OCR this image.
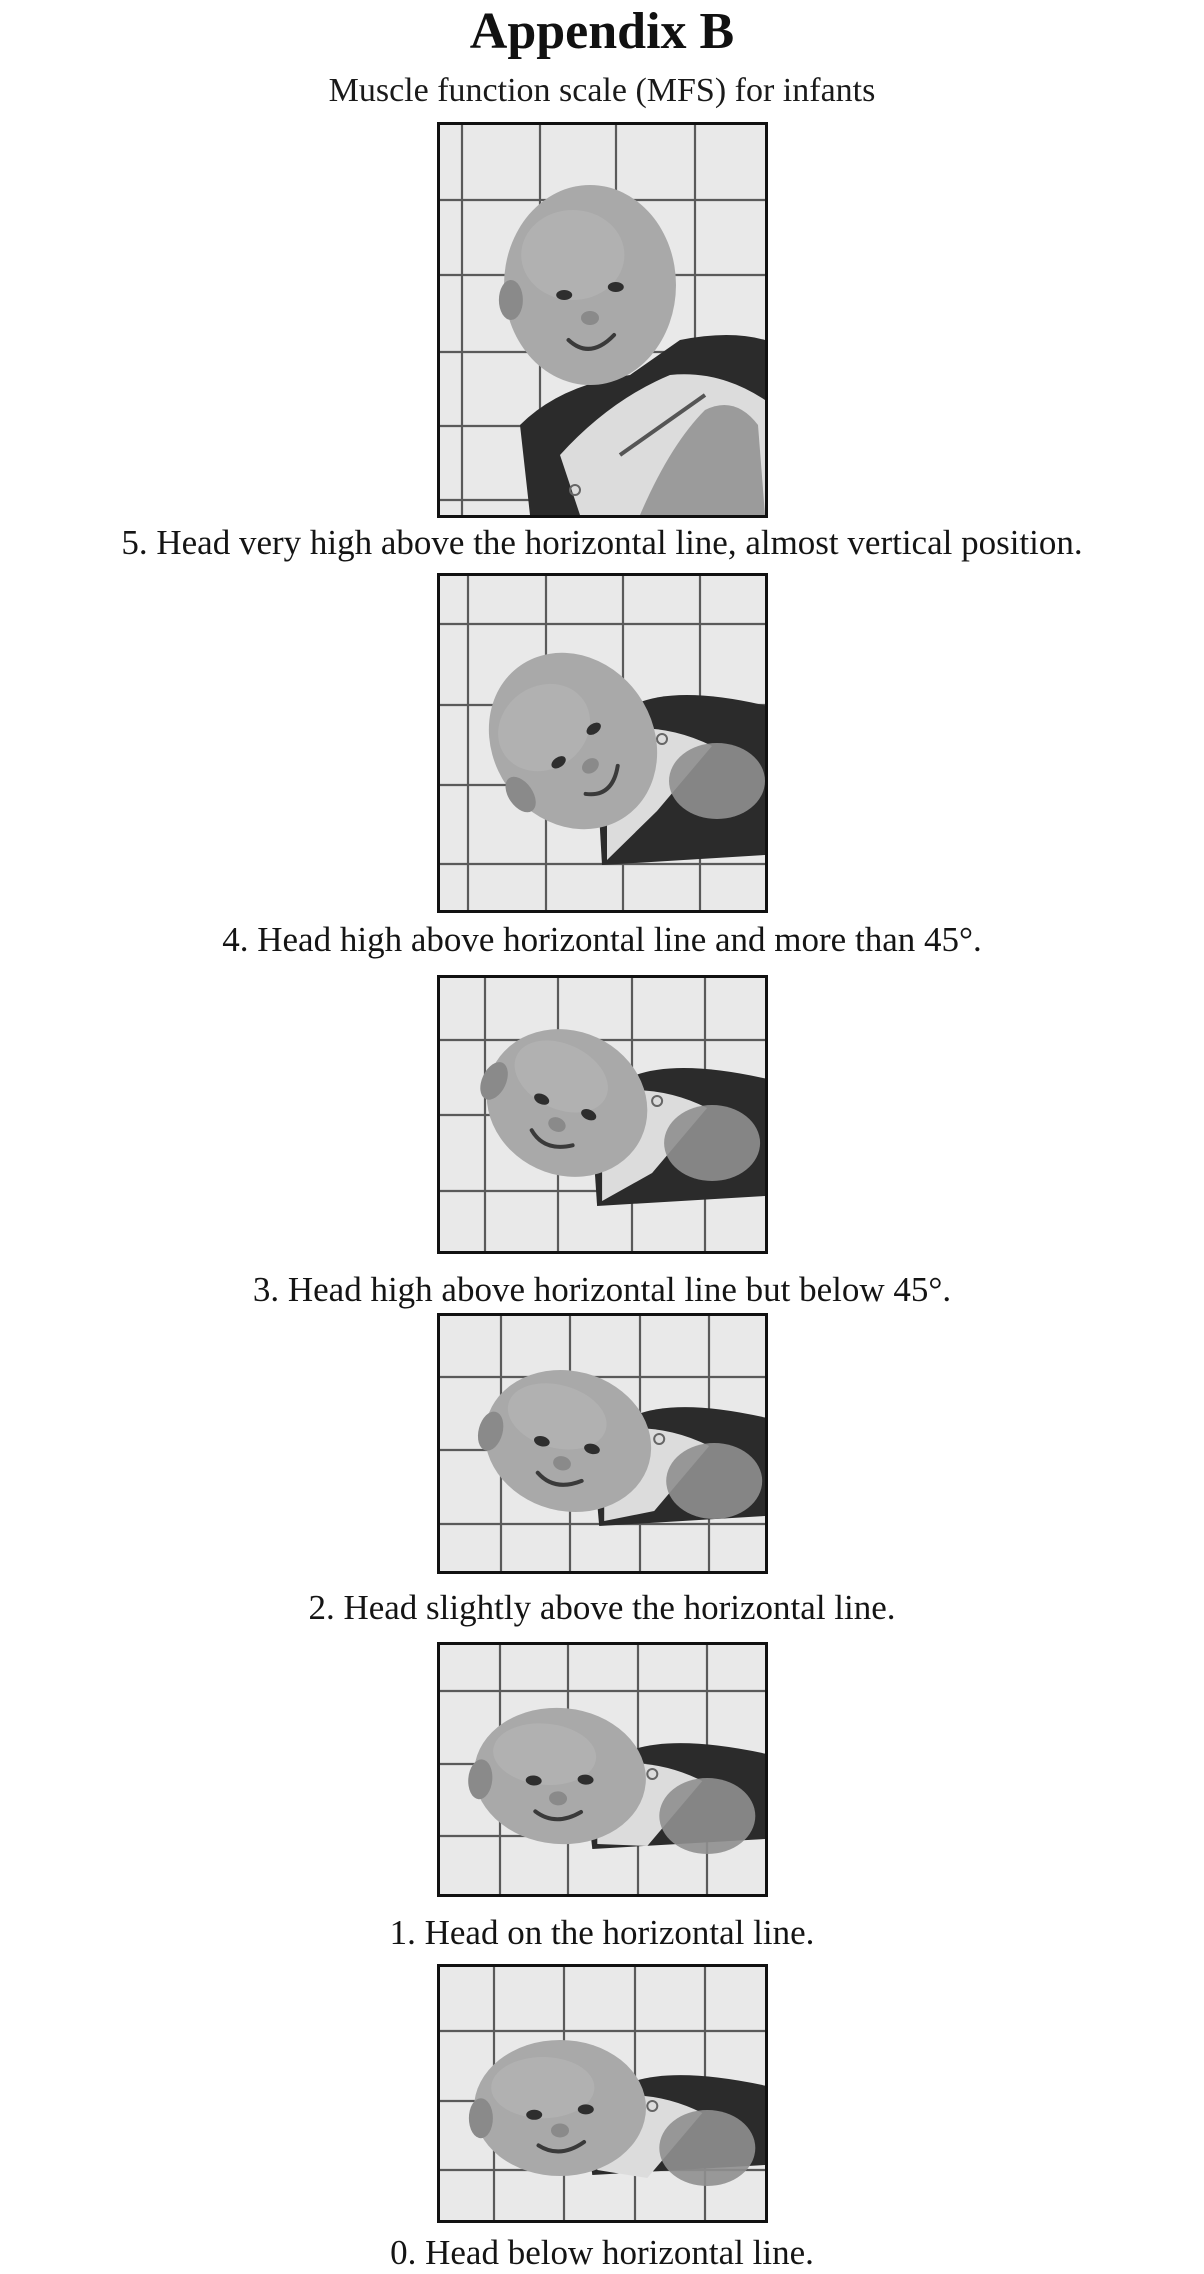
Appendix B
Muscle function scale (MFS) for infants
5. Head very high above the horizontal line, almost vertical position.
4. Head high above horizontal line and more than 45°.
3. Head high above horizontal line but below 45°.
2. Head slightly above the horizontal line.
1. Head on the horizontal line.
0. Head below horizontal line.
